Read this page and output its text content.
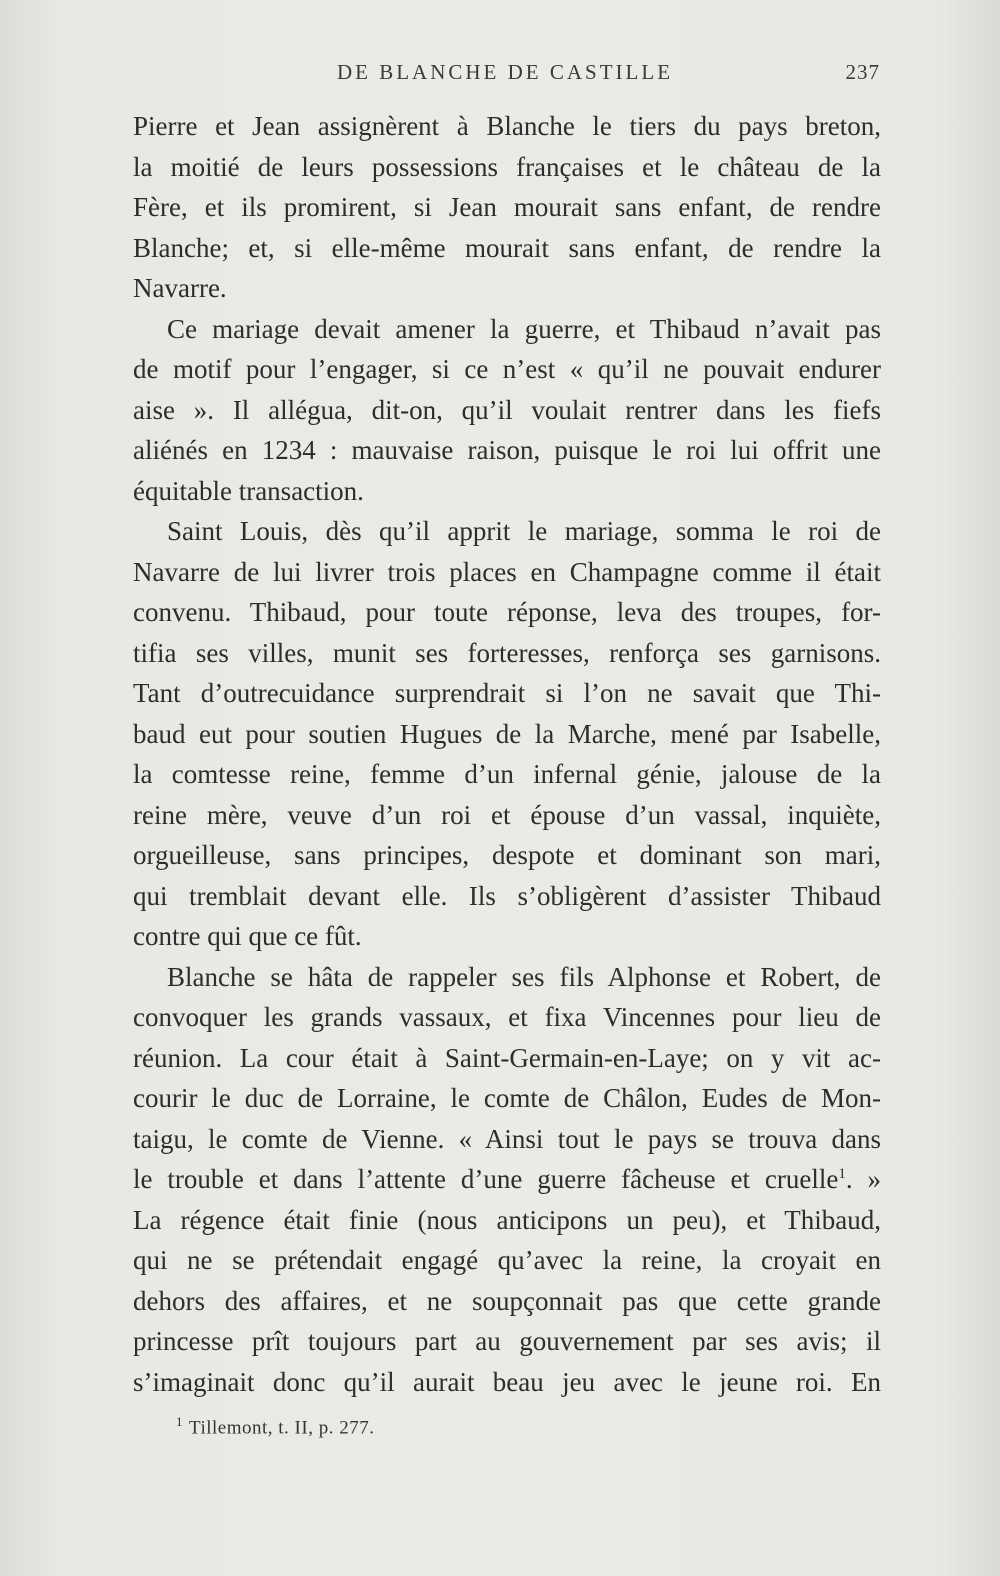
DE BLANCHE DE CASTILLE	237
Pierre et Jean assignèrent à Blanche le tiers du pays breton,
la moitié de leurs possessions françaises et le château de la
Fère, et ils promirent, si Jean mourait sans enfant, de rendre
Blanche; et, si elle-même mourait sans enfant, de rendre la
Navarre.
Ce mariage devait amener la guerre, et Thibaud n’avait pas
de motif pour l’engager, si ce n’est « qu’il ne pouvait endurer
aise ». Il allégua, dit-on, qu’il voulait rentrer dans les fiefs
aliénés en 1234 : mauvaise raison, puisque le roi lui offrit une
équitable transaction.
Saint Louis, dès qu’il apprit le mariage, somma le roi de
Navarre de lui livrer trois places en Champagne comme il était
convenu. Thibaud, pour toute réponse, leva des troupes, for-
tifia ses villes, munit ses forteresses, renforça ses garnisons.
Tant d’outrecuidance surprendrait si l’on ne savait que Thi-
baud eut pour soutien Hugues de la Marche, mené par Isabelle,
la comtesse reine, femme d’un infernal génie, jalouse de la
reine mère, veuve d’un roi et épouse d’un vassal, inquiète,
orgueilleuse, sans principes, despote et dominant son mari,
qui tremblait devant elle. Ils s’obligèrent d’assister Thibaud
contre qui que ce fût.
Blanche se hâta de rappeler ses fils Alphonse et Robert, de
convoquer les grands vassaux, et fixa Vincennes pour lieu de
réunion. La cour était à Saint-Germain-en-Laye; on y vit ac-
courir le duc de Lorraine, le comte de Châlon, Eudes de Mon-
taigu, le comte de Vienne. « Ainsi tout le pays se trouva dans
le trouble et dans l’attente d’une guerre fâcheuse et cruelle$^1$. »
La régence était finie (nous anticipons un peu), et Thibaud,
qui ne se prétendait engagé qu’avec la reine, la croyait en
dehors des affaires, et ne soupçonnait pas que cette grande
princesse prît toujours part au gouvernement par ses avis; il
s’imaginait donc qu’il aurait beau jeu avec le jeune roi. En
$^1$ Tillemont, t. II, p. 277.
